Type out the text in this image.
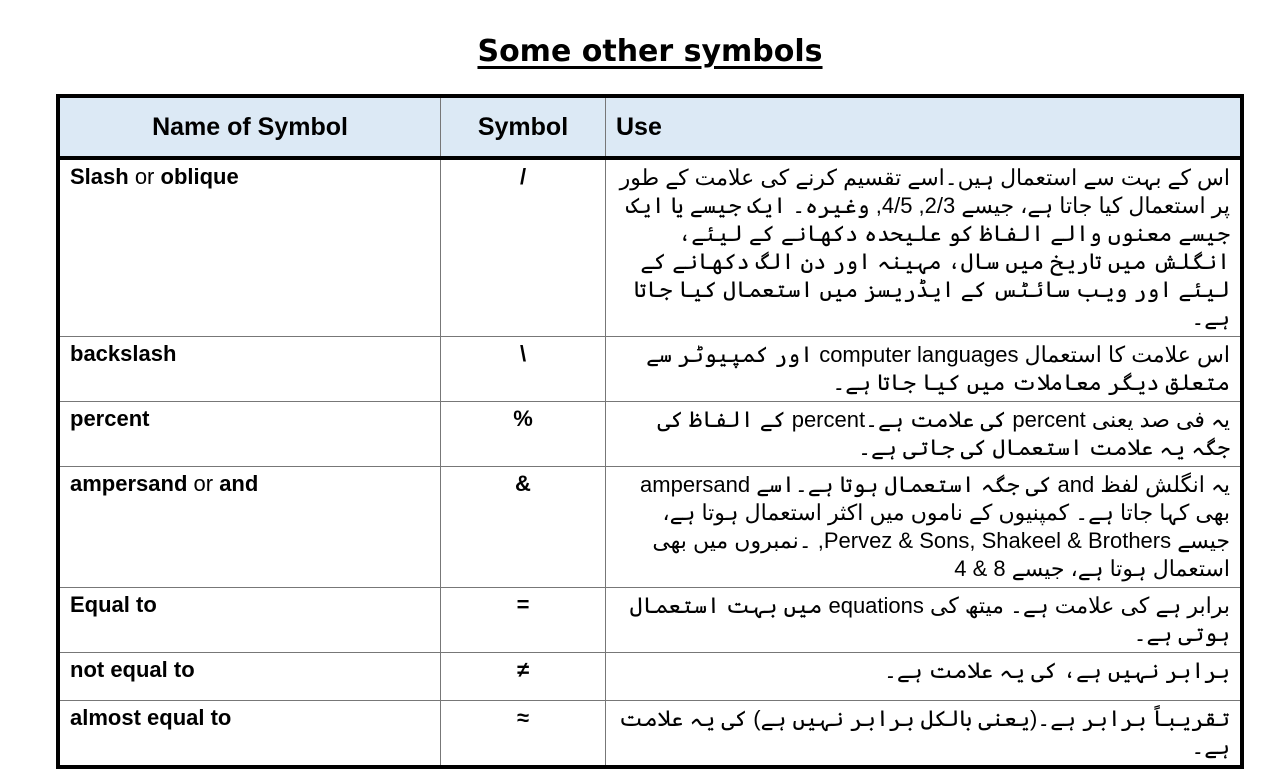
Some other symbols
Name of Symbol	Symbol	Use
Slash or oblique	/	اس کے بہت سے استعمال ہیں۔اسے تقسیم کرنے کی علامت کے طور پر استعمال کیا جاتا ہے، جیسے 2/3, 4/5, وغیرہ۔ ایک جیسے یا ایک جیسے معنوں والے الفاظ کو علیحدہ دکھانے کے لیئے، انگلش میں تاریخ میں سال، مہینہ اور دن الگ دکھانے کے لیئے اور ویب سائٹس کے ایڈریسز میں استعمال کیا جاتا ہے۔
backslash	\	اس علامت کا استعمال computer languages اور کمپیوٹر سے متعلق دیگر معاملات میں کیا جاتا ہے۔
percent	%	یہ فی صد یعنی percent کی علامت ہے۔percent کے الفاظ کی جگہ یہ علامت استعمال کی جاتی ہے۔
ampersand or and	&	یہ انگلش لفظ and کی جگہ استعمال ہوتا ہے۔اسے ampersand بھی کہا جاتا ہے۔ کمپنیوں کے ناموں میں اکثر استعمال ہوتا ہے، جیسے Pervez & Sons, Shakeel & Brothers, ۔نمبروں میں بھی استعمال ہوتا ہے، جیسے 8 & 4
Equal to	=	برابر ہے کی علامت ہے۔ میتھ کی equations میں بہت استعمال ہوتی ہے۔
not equal to	≠	برابر نہیں ہے، کی یہ علامت ہے۔
almost equal to	≈	تقریباً برابر ہے۔(یعنی بالکل برابر نہیں ہے) کی یہ علامت ہے۔
